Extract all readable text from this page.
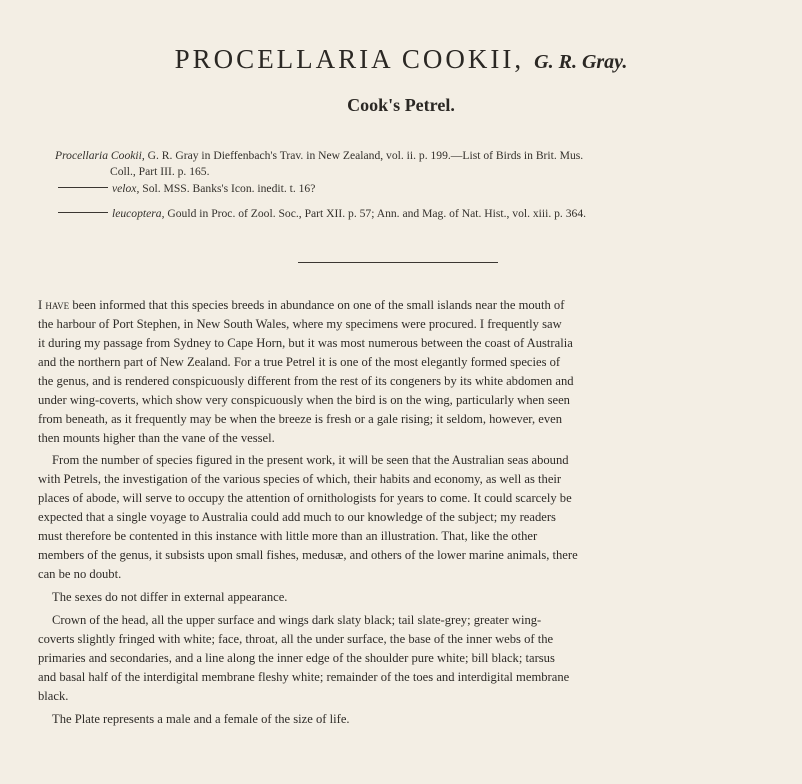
PROCELLARIA COOKII, G. R. Gray.
Cook's Petrel.
Procellaria Cookii, G. R. Gray in Dieffenbach's Trav. in New Zealand, vol. ii. p. 199.—List of Birds in Brit. Mus.
Coll., Part III. p. 165.
velox, Sol. MSS. Banks's Icon. inedit. t. 16?
leucoptera, Gould in Proc. of Zool. Soc., Part XII. p. 57; Ann. and Mag. of Nat. Hist., vol. xiii. p. 364.
I have been informed that this species breeds in abundance on one of the small islands near the mouth of
the harbour of Port Stephen, in New South Wales, where my specimens were procured. I frequently saw
it during my passage from Sydney to Cape Horn, but it was most numerous between the coast of Australia
and the northern part of New Zealand. For a true Petrel it is one of the most elegantly formed species of
the genus, and is rendered conspicuously different from the rest of its congeners by its white abdomen and
under wing-coverts, which show very conspicuously when the bird is on the wing, particularly when seen
from beneath, as it frequently may be when the breeze is fresh or a gale rising; it seldom, however, even
then mounts higher than the vane of the vessel.
From the number of species figured in the present work, it will be seen that the Australian seas abound
with Petrels, the investigation of the various species of which, their habits and economy, as well as their
places of abode, will serve to occupy the attention of ornithologists for years to come. It could scarcely be
expected that a single voyage to Australia could add much to our knowledge of the subject; my readers
must therefore be contented in this instance with little more than an illustration. That, like the other
members of the genus, it subsists upon small fishes, medusæ, and others of the lower marine animals, there
can be no doubt.
The sexes do not differ in external appearance.
Crown of the head, all the upper surface and wings dark slaty black; tail slate-grey; greater wing-
coverts slightly fringed with white; face, throat, all the under surface, the base of the inner webs of the
primaries and secondaries, and a line along the inner edge of the shoulder pure white; bill black; tarsus
and basal half of the interdigital membrane fleshy white; remainder of the toes and interdigital membrane
black.
The Plate represents a male and a female of the size of life.
